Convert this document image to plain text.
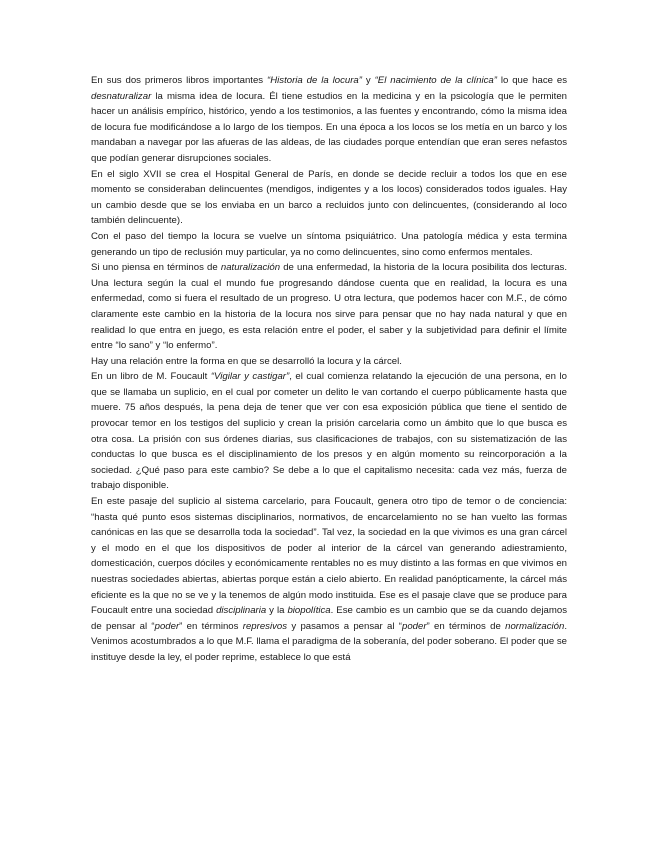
En sus dos primeros libros importantes “Historia de la locura” y “El nacimiento de la clínica” lo que hace es desnaturalizar la misma idea de locura. Él tiene estudios en la medicina y en la psicología que le permiten hacer un análisis empírico, histórico, yendo a los testimonios, a las fuentes y encontrando, cómo la misma idea de locura fue modificándose a lo largo de los tiempos. En una época a los locos se los metía en un barco y los mandaban a navegar por las afueras de las aldeas, de las ciudades porque entendían que eran seres nefastos que podían generar disrupciones sociales.

En el siglo XVII se crea el Hospital General de París, en donde se decide recluir a todos los que en ese momento se consideraban delincuentes (mendigos, indigentes y a los locos) considerados todos iguales. Hay un cambio desde que se los enviaba en un barco a recluidos junto con delincuentes, (considerando al loco también delincuente).

Con el paso del tiempo la locura se vuelve un síntoma psiquiátrico. Una patología médica y esta termina generando un tipo de reclusión muy particular, ya no como delincuentes, sino como enfermos mentales.

Si uno piensa en términos de naturalización de una enfermedad, la historia de la locura posibilita dos lecturas. Una lectura según la cual el mundo fue progresando dándose cuenta que en realidad, la locura es una enfermedad, como si fuera el resultado de un progreso. U otra lectura, que podemos hacer con M.F., de cómo claramente este cambio en la historia de la locura nos sirve para pensar que no hay nada natural y que en realidad lo que entra en juego, es esta relación entre el poder, el saber y la subjetividad para definir el límite entre “lo sano” y “lo enfermo”.

Hay una relación entre la forma en que se desarrolló la locura y la cárcel.

En un libro de M. Foucault “Vigilar y castigar”, el cual comienza relatando la ejecución de una persona, en lo que se llamaba un suplicio, en el cual por cometer un delito le van cortando el cuerpo públicamente hasta que muere. 75 años después, la pena deja de tener que ver con esa exposición pública que tiene el sentido de provocar temor en los testigos del suplicio y crean la prisión carcelaria como un ámbito que lo que busca es otra cosa. La prisión con sus órdenes diarias, sus clasificaciones de trabajos, con su sistematización de las conductas lo que busca es el disciplinamiento de los presos y en algún momento su reincorporación a la sociedad. ¿Qué paso para este cambio? Se debe a lo que el capitalismo necesita: cada vez más, fuerza de trabajo disponible.

En este pasaje del suplicio al sistema carcelario, para Foucault, genera otro tipo de temor o de conciencia: “hasta qué punto esos sistemas disciplinarios, normativos, de encarcelamiento no se han vuelto las formas canónicas en las que se desarrolla toda la sociedad”. Tal vez, la sociedad en la que vivimos es una gran cárcel y el modo en el que los dispositivos de poder al interior de la cárcel van generando adiestramiento, domesticación, cuerpos dóciles y económicamente rentables no es muy distinto a las formas en que vivimos en nuestras sociedades abiertas, abiertas porque están a cielo abierto. En realidad panópticamente, la cárcel más eficiente es la que no se ve y la tenemos de algún modo instituida. Ese es el pasaje clave que se produce para Foucault entre una sociedad disciplinaria y la biopolítica. Ese cambio es un cambio que se da cuando dejamos de pensar al “poder” en términos represivos y pasamos a pensar al “poder” en términos de normalización. Venimos acostumbrados a lo que M.F. llama el paradigma de la soberanía, del poder soberano. El poder que se instituye desde la ley, el poder reprime, establece lo que está
